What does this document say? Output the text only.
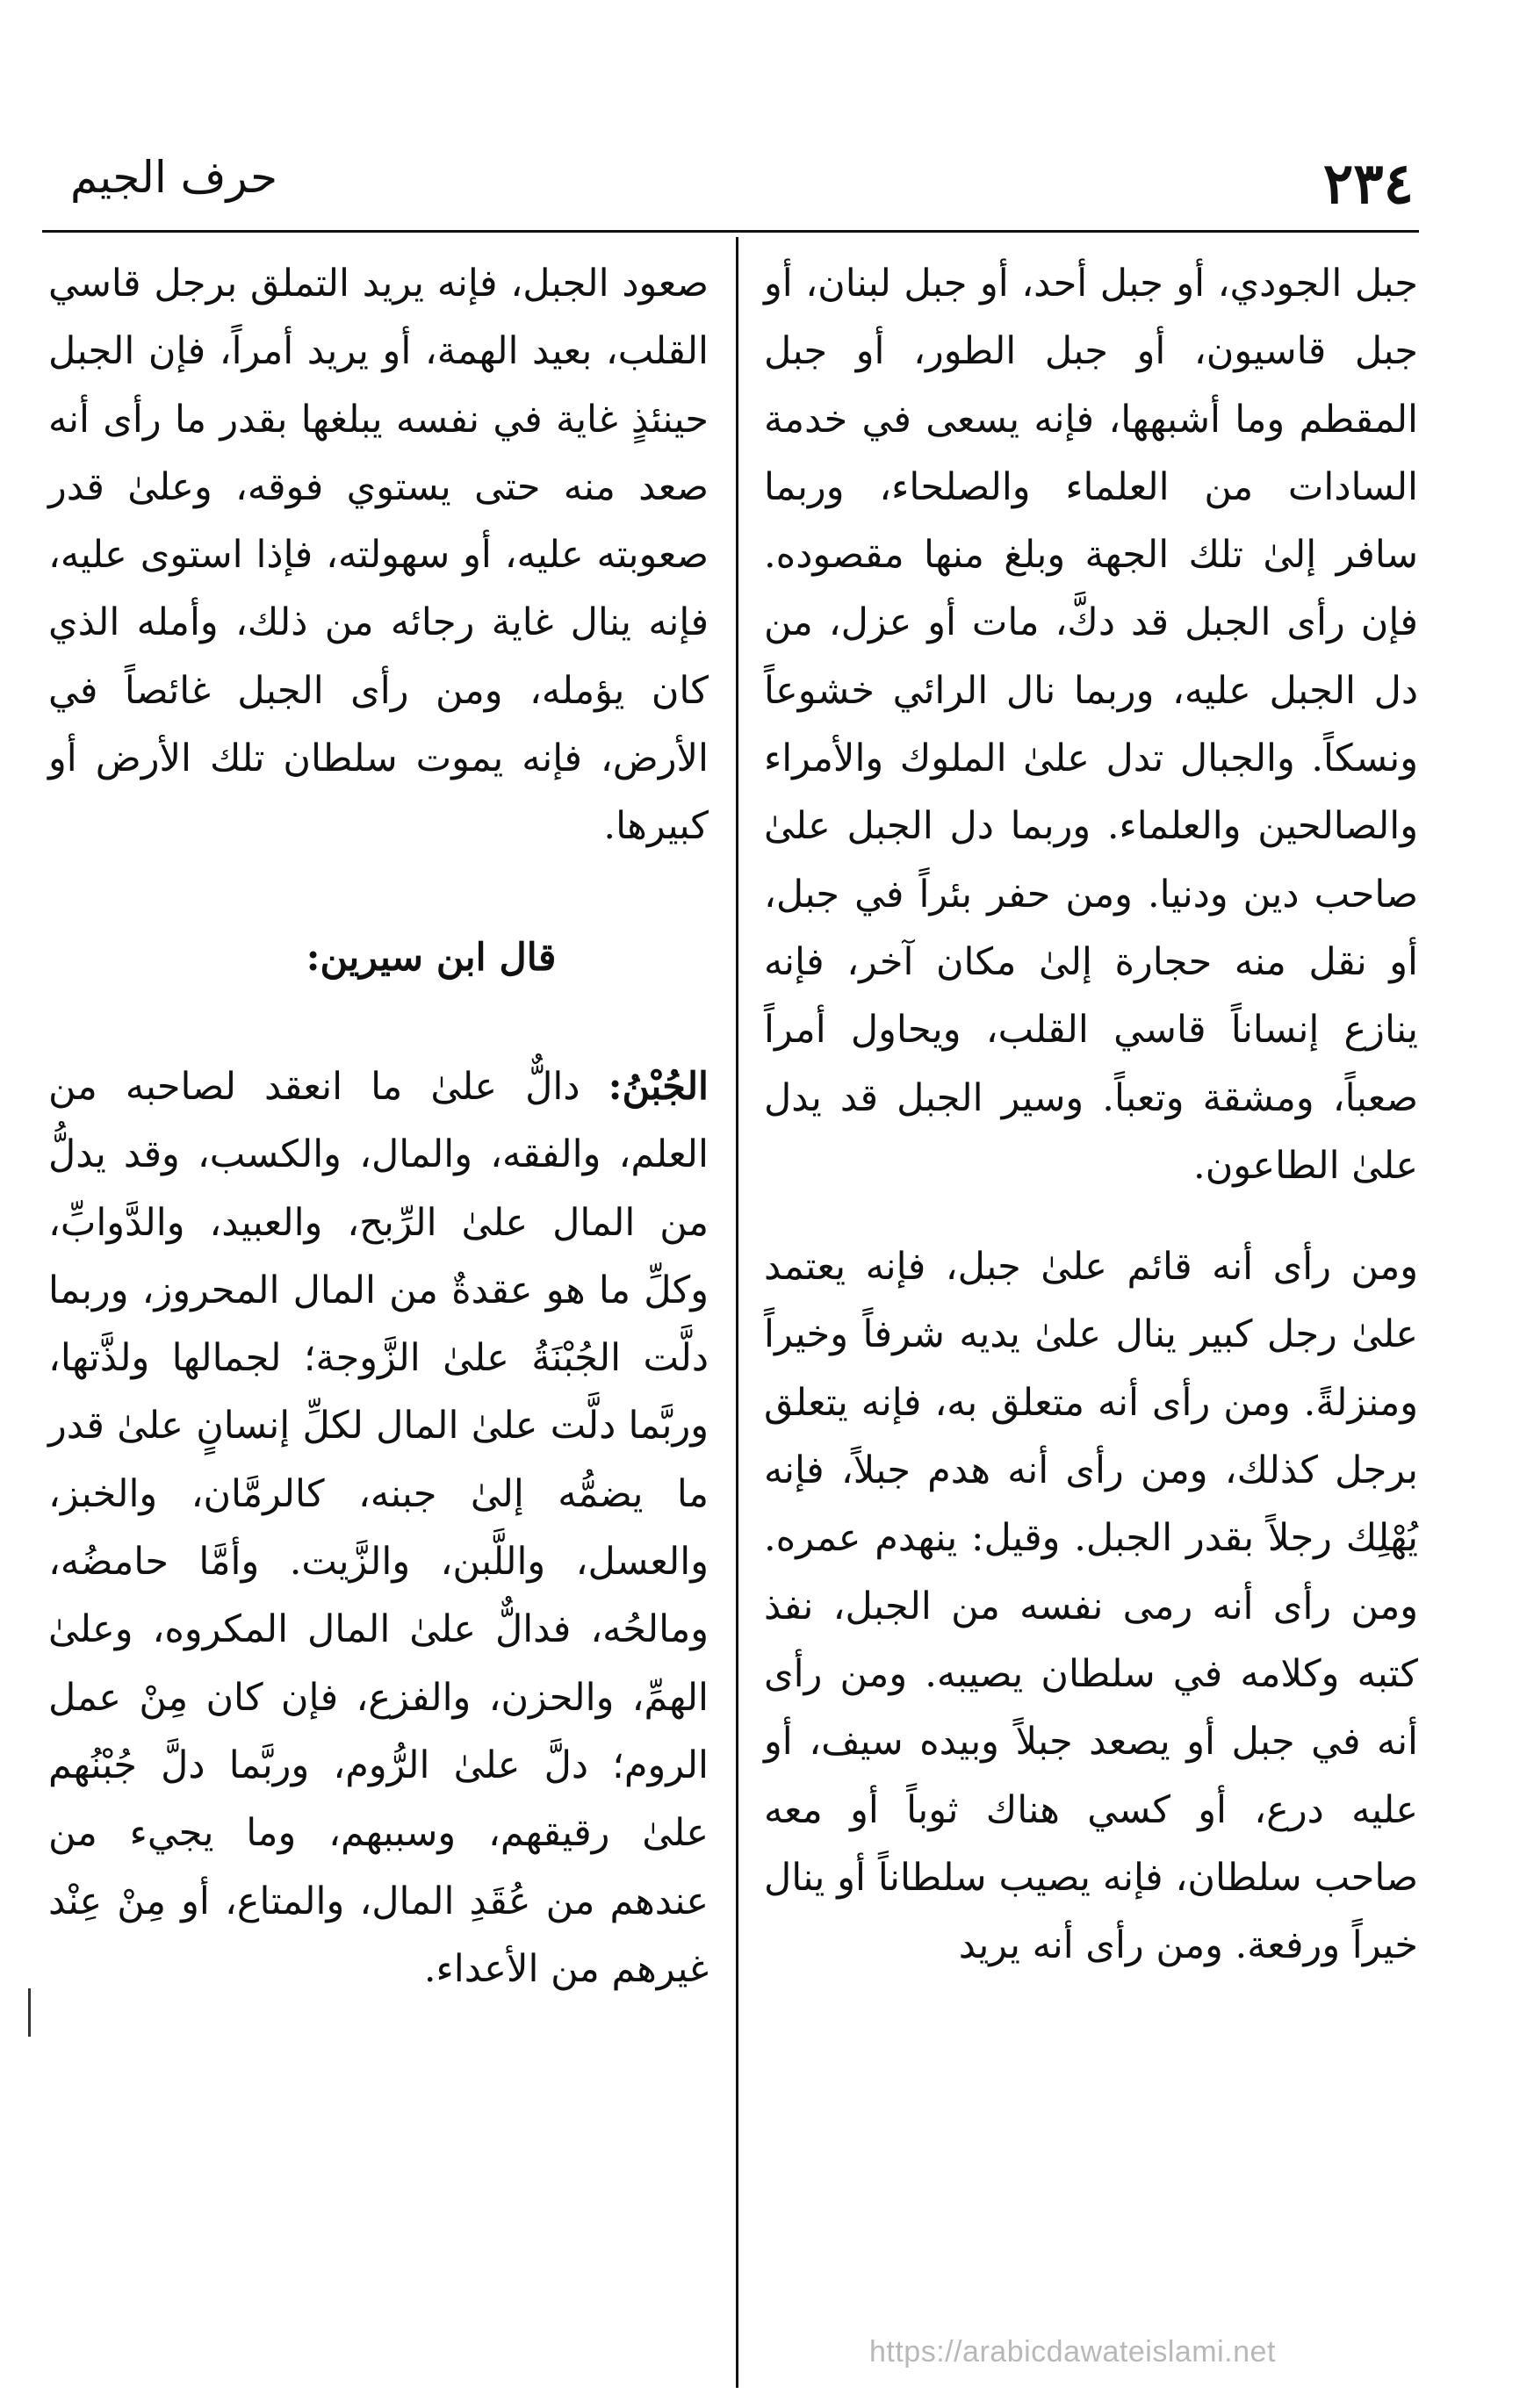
٢٣٤
حرف الجيم

جبل الجودي، أو جبل أحد، أو جبل لبنان، أو جبل قاسيون، أو جبل الطور، أو جبل المقطم وما أشبهها، فإنه يسعى في خدمة السادات من العلماء والصلحاء، وربما سافر إلىٰ تلك الجهة وبلغ منها مقصوده. فإن رأى الجبل قد دكَّ، مات أو عزل، من دل الجبل عليه، وربما نال الرائي خشوعاً ونسكاً. والجبال تدل علىٰ الملوك والأمراء والصالحين والعلماء. وربما دل الجبل علىٰ صاحب دين ودنيا. ومن حفر بئراً في جبل، أو نقل منه حجارة إلىٰ مكان آخر، فإنه ينازع إنساناً قاسي القلب، ويحاول أمراً صعباً، ومشقة وتعباً. وسير الجبل قد يدل علىٰ الطاعون.

ومن رأى أنه قائم علىٰ جبل، فإنه يعتمد علىٰ رجل كبير ينال علىٰ يديه شرفاً وخيراً ومنزلةً. ومن رأى أنه متعلق به، فإنه يتعلق برجل كذلك، ومن رأى أنه هدم جبلاً، فإنه يُهْلِك رجلاً بقدر الجبل. وقيل: ينهدم عمره. ومن رأى أنه رمى نفسه من الجبل، نفذ كتبه وكلامه في سلطان يصيبه. ومن رأى أنه في جبل أو يصعد جبلاً وبيده سيف، أو عليه درع، أو كسي هناك ثوباً أو معه صاحب سلطان، فإنه يصيب سلطاناً أو ينال خيراً ورفعة. ومن رأى أنه يريد

صعود الجبل، فإنه يريد التملق برجل قاسي القلب، بعيد الهمة، أو يريد أمراً، فإن الجبل حينئذٍ غاية في نفسه يبلغها بقدر ما رأى أنه صعد منه حتى يستوي فوقه، وعلىٰ قدر صعوبته عليه، أو سهولته، فإذا استوى عليه، فإنه ينال غاية رجائه من ذلك، وأمله الذي كان يؤمله، ومن رأى الجبل غائصاً في الأرض، فإنه يموت سلطان تلك الأرض أو كبيرها.

قال ابن سيرين:

الجُبْنُ: دالٌّ علىٰ ما انعقد لصاحبه من العلم، والفقه، والمال، والكسب، وقد يدلُّ من المال علىٰ الرِّبح، والعبيد، والدَّوابِّ، وكلِّ ما هو عقدةٌ من المال المحروز، وربما دلَّت الجُبْنَةُ علىٰ الزَّوجة؛ لجمالها ولذَّتها، وربَّما دلَّت علىٰ المال لكلِّ إنسانٍ علىٰ قدر ما يضمُّه إلىٰ جبنه، كالرمَّان، والخبز، والعسل، واللَّبن، والزَّيت. وأمَّا حامضُه، ومالحُه، فدالٌّ علىٰ المال المكروه، وعلىٰ الهمِّ، والحزن، والفزع، فإن كان مِنْ عمل الروم؛ دلَّ علىٰ الرُّوم، وربَّما دلَّ جُبْنُهم علىٰ رقيقهم، وسببهم، وما يجيء من عندهم من عُقَدِ المال، والمتاع، أو مِنْ عِنْد غيرهم من الأعداء.

https://arabicdawateislami.net
